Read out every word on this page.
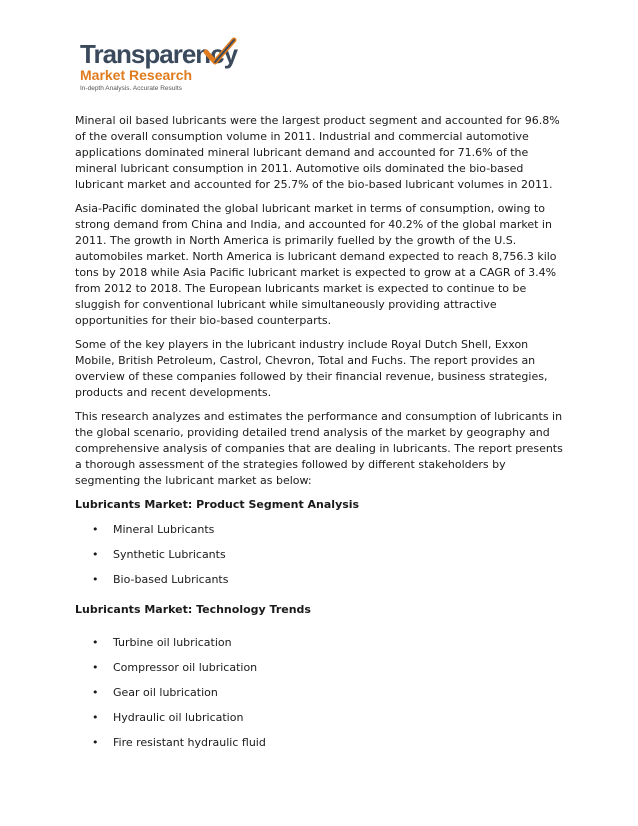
Transparency
Market Research
In-depth Analysis. Accurate Results

Mineral oil based lubricants were the largest product segment and accounted for 96.8% of the overall consumption volume in 2011. Industrial and commercial automotive applications dominated mineral lubricant demand and accounted for 71.6% of the mineral lubricant consumption in 2011. Automotive oils dominated the bio-based lubricant market and accounted for 25.7% of the bio-based lubricant volumes in 2011.

Asia-Pacific dominated the global lubricant market in terms of consumption, owing to strong demand from China and India, and accounted for 40.2% of the global market in 2011. The growth in North America is primarily fuelled by the growth of the U.S. automobiles market. North America is lubricant demand expected to reach 8,756.3 kilo tons by 2018 while Asia Pacific lubricant market is expected to grow at a CAGR of 3.4% from 2012 to 2018. The European lubricants market is expected to continue to be sluggish for conventional lubricant while simultaneously providing attractive opportunities for their bio-based counterparts.

Some of the key players in the lubricant industry include Royal Dutch Shell, Exxon Mobile, British Petroleum, Castrol, Chevron, Total and Fuchs. The report provides an overview of these companies followed by their financial revenue, business strategies, products and recent developments.

This research analyzes and estimates the performance and consumption of lubricants in the global scenario, providing detailed trend analysis of the market by geography and comprehensive analysis of companies that are dealing in lubricants. The report presents a thorough assessment of the strategies followed by different stakeholders by segmenting the lubricant market as below:

Lubricants Market: Product Segment Analysis
• Mineral Lubricants
• Synthetic Lubricants
• Bio-based Lubricants
Lubricants Market: Technology Trends
• Turbine oil lubrication
• Compressor oil lubrication
• Gear oil lubrication
• Hydraulic oil lubrication
• Fire resistant hydraulic fluid
